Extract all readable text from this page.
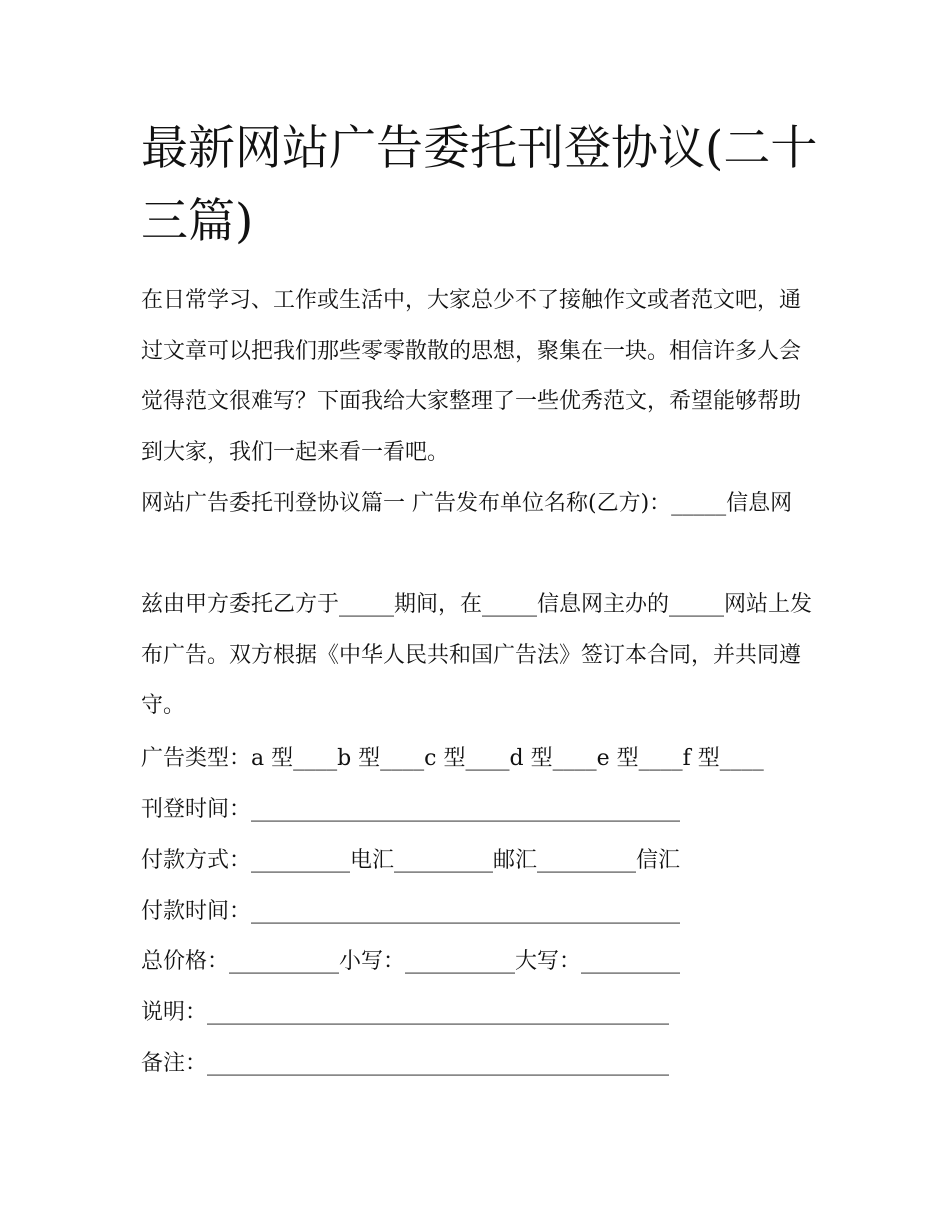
最新网站广告委托刊登协议(二十三篇)

在日常学习、工作或生活中，大家总少不了接触作文或者范文吧，通过文章可以把我们那些零零散散的思想，聚集在一块。相信许多人会觉得范文很难写？下面我给大家整理了一些优秀范文，希望能够帮助到大家，我们一起来看一看吧。

网站广告委托刊登协议篇一 广告发布单位名称(乙方)：_____信息网

兹由甲方委托乙方于_____期间，在_____信息网主办的_____网站上发布广告。双方根据《中华人民共和国广告法》签订本合同，并共同遵守。

广告类型：a 型____b 型____c 型____d 型____e 型____f 型____

刊登时间：_______________________________________

付款方式：_________电汇_________邮汇_________信汇

付款时间：_______________________________________

总价格：__________小写：__________大写：_________

说明：__________________________________________

备注：__________________________________________
